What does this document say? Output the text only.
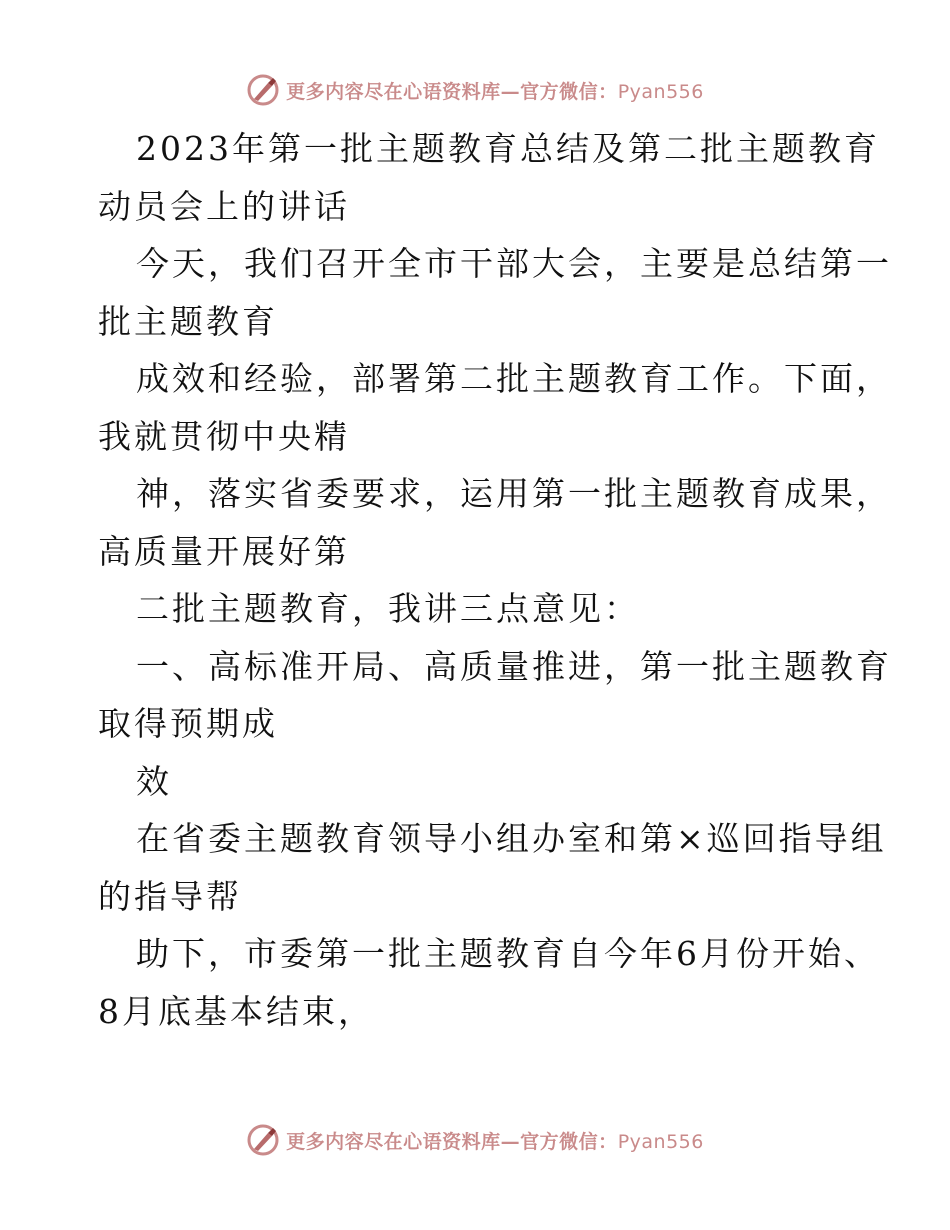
更多内容尽在心语资料库—官方微信：Pyan556
2023年第一批主题教育总结及第二批主题教育
动员会上的讲话
今天，我们召开全市干部大会，主要是总结第一
批主题教育
成效和经验，部署第二批主题教育工作。下面，
我就贯彻中央精
神，落实省委要求，运用第一批主题教育成果，
高质量开展好第
二批主题教育，我讲三点意见：
一、高标准开局、高质量推进，第一批主题教育
取得预期成
效
在省委主题教育领导小组办室和第×巡回指导组
的指导帮
助下，市委第一批主题教育自今年6月份开始、
8月底基本结束，
更多内容尽在心语资料库—官方微信：Pyan556
